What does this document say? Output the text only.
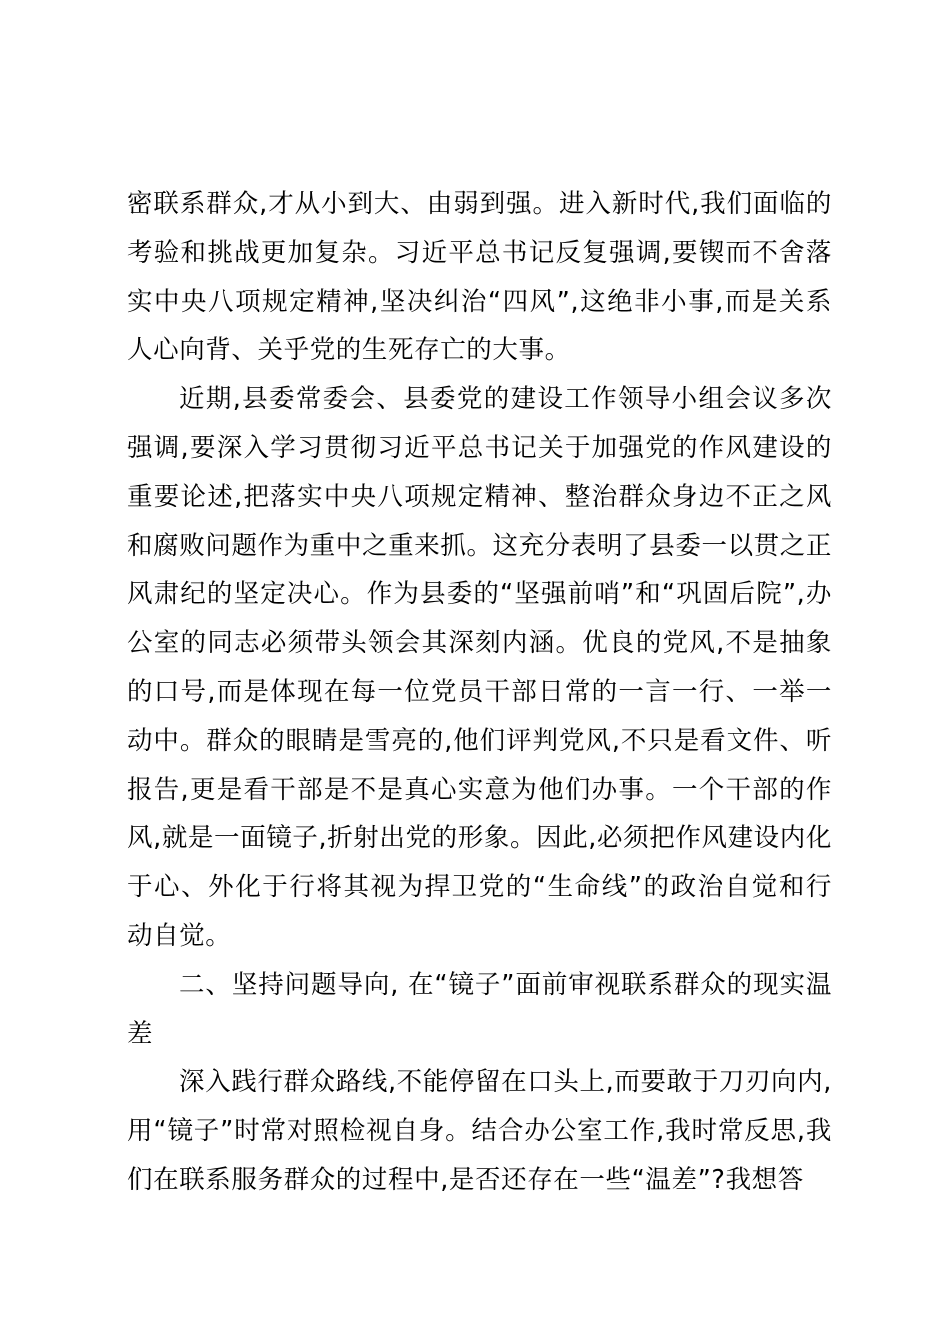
密联系群众,才从小到大、由弱到强。进入新时代,我们面临的考验和挑战更加复杂。习近平总书记反复强调,要锲而不舍落实中央八项规定精神,坚决纠治“四风”,这绝非小事,而是关系人心向背、关乎党的生死存亡的大事。

近期,县委常委会、县委党的建设工作领导小组会议多次强调,要深入学习贯彻习近平总书记关于加强党的作风建设的重要论述,把落实中央八项规定精神、整治群众身边不正之风和腐败问题作为重中之重来抓。这充分表明了县委一以贯之正风肃纪的坚定决心。作为县委的“坚强前哨”和“巩固后院”,办公室的同志必须带头领会其深刻内涵。优良的党风,不是抽象的口号,而是体现在每一位党员干部日常的一言一行、一举一动中。群众的眼睛是雪亮的,他们评判党风,不只是看文件、听报告,更是看干部是不是真心实意为他们办事。一个干部的作风,就是一面镜子,折射出党的形象。因此,必须把作风建设内化于心、外化于行将其视为捍卫党的“生命线”的政治自觉和行动自觉。

二、坚持问题导向, 在“镜子”面前审视联系群众的现实温差

深入践行群众路线,不能停留在口头上,而要敢于刀刃向内,用“镜子”时常对照检视自身。结合办公室工作,我时常反思,我们在联系服务群众的过程中,是否还存在一些“温差”?我想答
